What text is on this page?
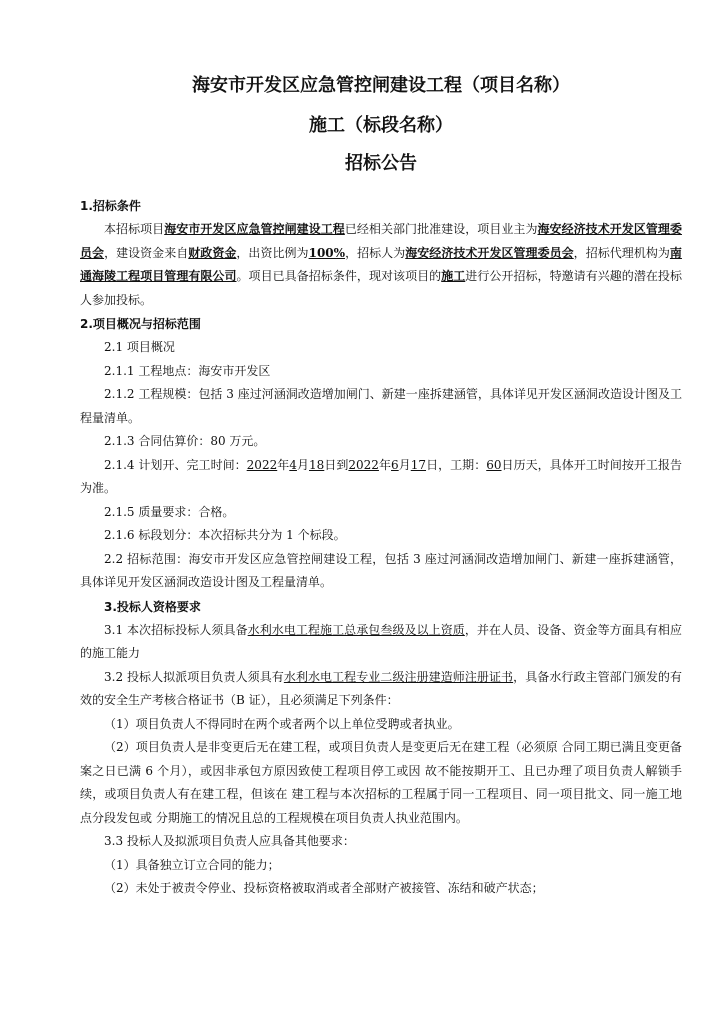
海安市开发区应急管控闸建设工程（项目名称）
施工（标段名称）
招标公告
1.招标条件

本招标项目海安市开发区应急管控闸建设工程已经相关部门批准建设，项目业主为海安经济技术开发区管理委员会，建设资金来自财政资金，出资比例为100%，招标人为海安经济技术开发区管理委员会，招标代理机构为南通海陵工程项目管理有限公司。项目已具备招标条件，现对该项目的施工进行公开招标，特邀请有兴趣的潜在投标人参加投标。

2.项目概况与招标范围

2.1 项目概况

2.1.1 工程地点：海安市开发区

2.1.2 工程规模：包括 3 座过河涵洞改造增加闸门、新建一座拆建涵管，具体详见开发区涵洞改造设计图及工程量清单。

2.1.3 合同估算价：80 万元。

2.1.4 计划开、完工时间：2022年4月18日到2022年6月17日，工期：60日历天，具体开工时间按开工报告为准。

2.1.5 质量要求：合格。

2.1.6 标段划分：本次招标共分为 1 个标段。

2.2 招标范围：海安市开发区应急管控闸建设工程，包括 3 座过河涵洞改造增加闸门、新建一座拆建涵管，具体详见开发区涵洞改造设计图及工程量清单。

3.投标人资格要求

3.1 本次招标投标人须具备水利水电工程施工总承包叁级及以上资质，并在人员、设备、资金等方面具有相应的施工能力

3.2 投标人拟派项目负责人须具有水利水电工程专业二级注册建造师注册证书，具备水行政主管部门颁发的有效的安全生产考核合格证书（B 证），且必须满足下列条件：

（1）项目负责人不得同时在两个或者两个以上单位受聘或者执业。

（2）项目负责人是非变更后无在建工程，或项目负责人是变更后无在建工程（必须原 合同工期已满且变更备案之日已满 6 个月），或因非承包方原因致使工程项目停工或因 故不能按期开工、且已办理了项目负责人解锁手续，或项目负责人有在建工程，但该在 建工程与本次招标的工程属于同一工程项目、同一项目批文、同一施工地点分段发包或 分期施工的情况且总的工程规模在项目负责人执业范围内。

3.3 投标人及拟派项目负责人应具备其他要求：

（1）具备独立订立合同的能力；

（2）未处于被责令停业、投标资格被取消或者全部财产被接管、冻结和破产状态；
